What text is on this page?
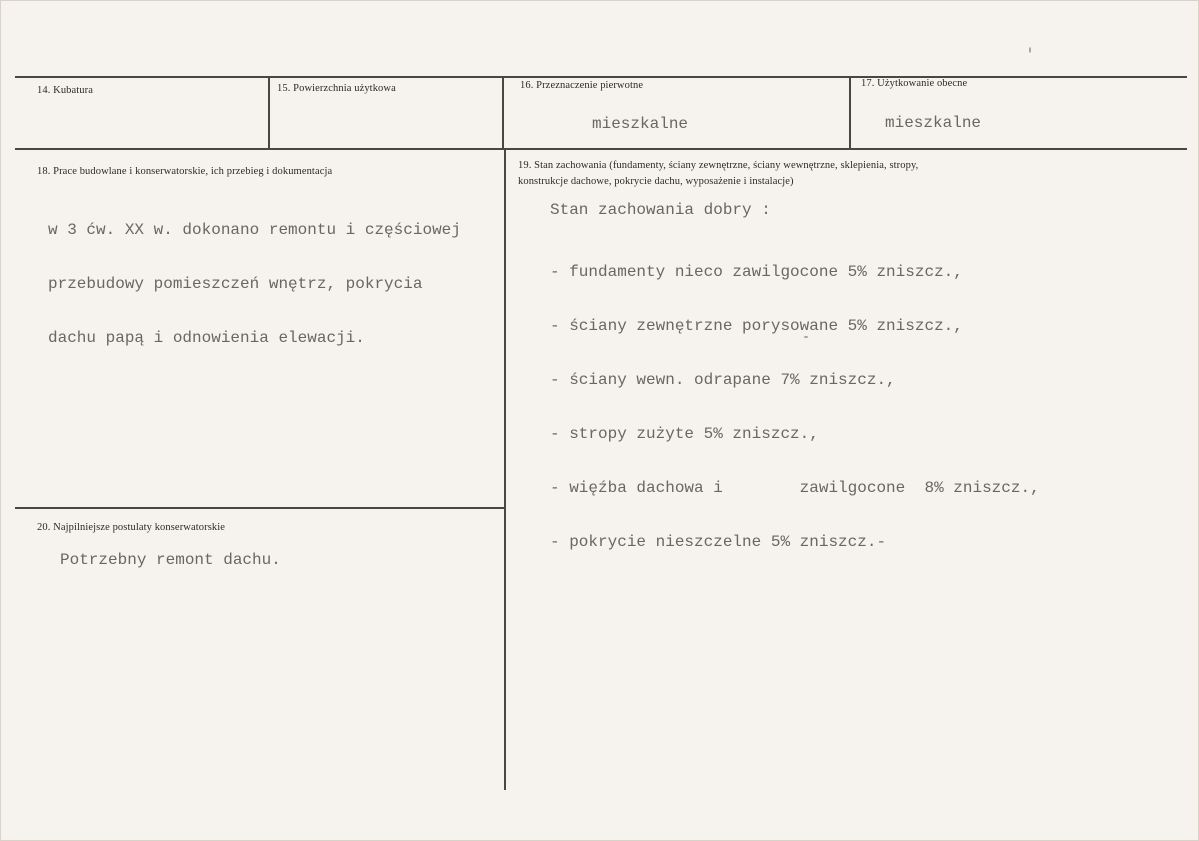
14. Kubatura	15. Powierzchnia użytkowa	16. Przeznaczenie pierwotne
mieszkalne
17. Użytkowanie obecne
mieszkalne
18. Prace budowlane i konserwatorskie, ich przebieg i dokumentacja

w 3 ćw. XX w. dokonano remontu i częściowej

przebudowy pomieszczeń wnętrz, pokrycia

dachu papą i odnowienia elewacji.

19. Stan zachowania (fundamenty, ściany zewnętrzne, ściany wewnętrzne, sklepienia, stropy,
konstrukcje dachowe, pokrycie dachu, wyposażenie i instalacje)
Stan zachowania dobry :

- fundamenty nieco zawilgocone 5% zniszcz.,

- ściany zewnętrzne porysowane 5% zniszcz.,

- ściany wewn. odrapane 7% zniszcz.,

- stropy zużyte 5% zniszcz.,

- więźba dachowa i        zawilgocone  8% zniszcz.,

- pokrycie nieszczelne 5% zniszcz.-

20. Najpilniejsze postulaty konserwatorskie
Potrzebny remont dachu.
